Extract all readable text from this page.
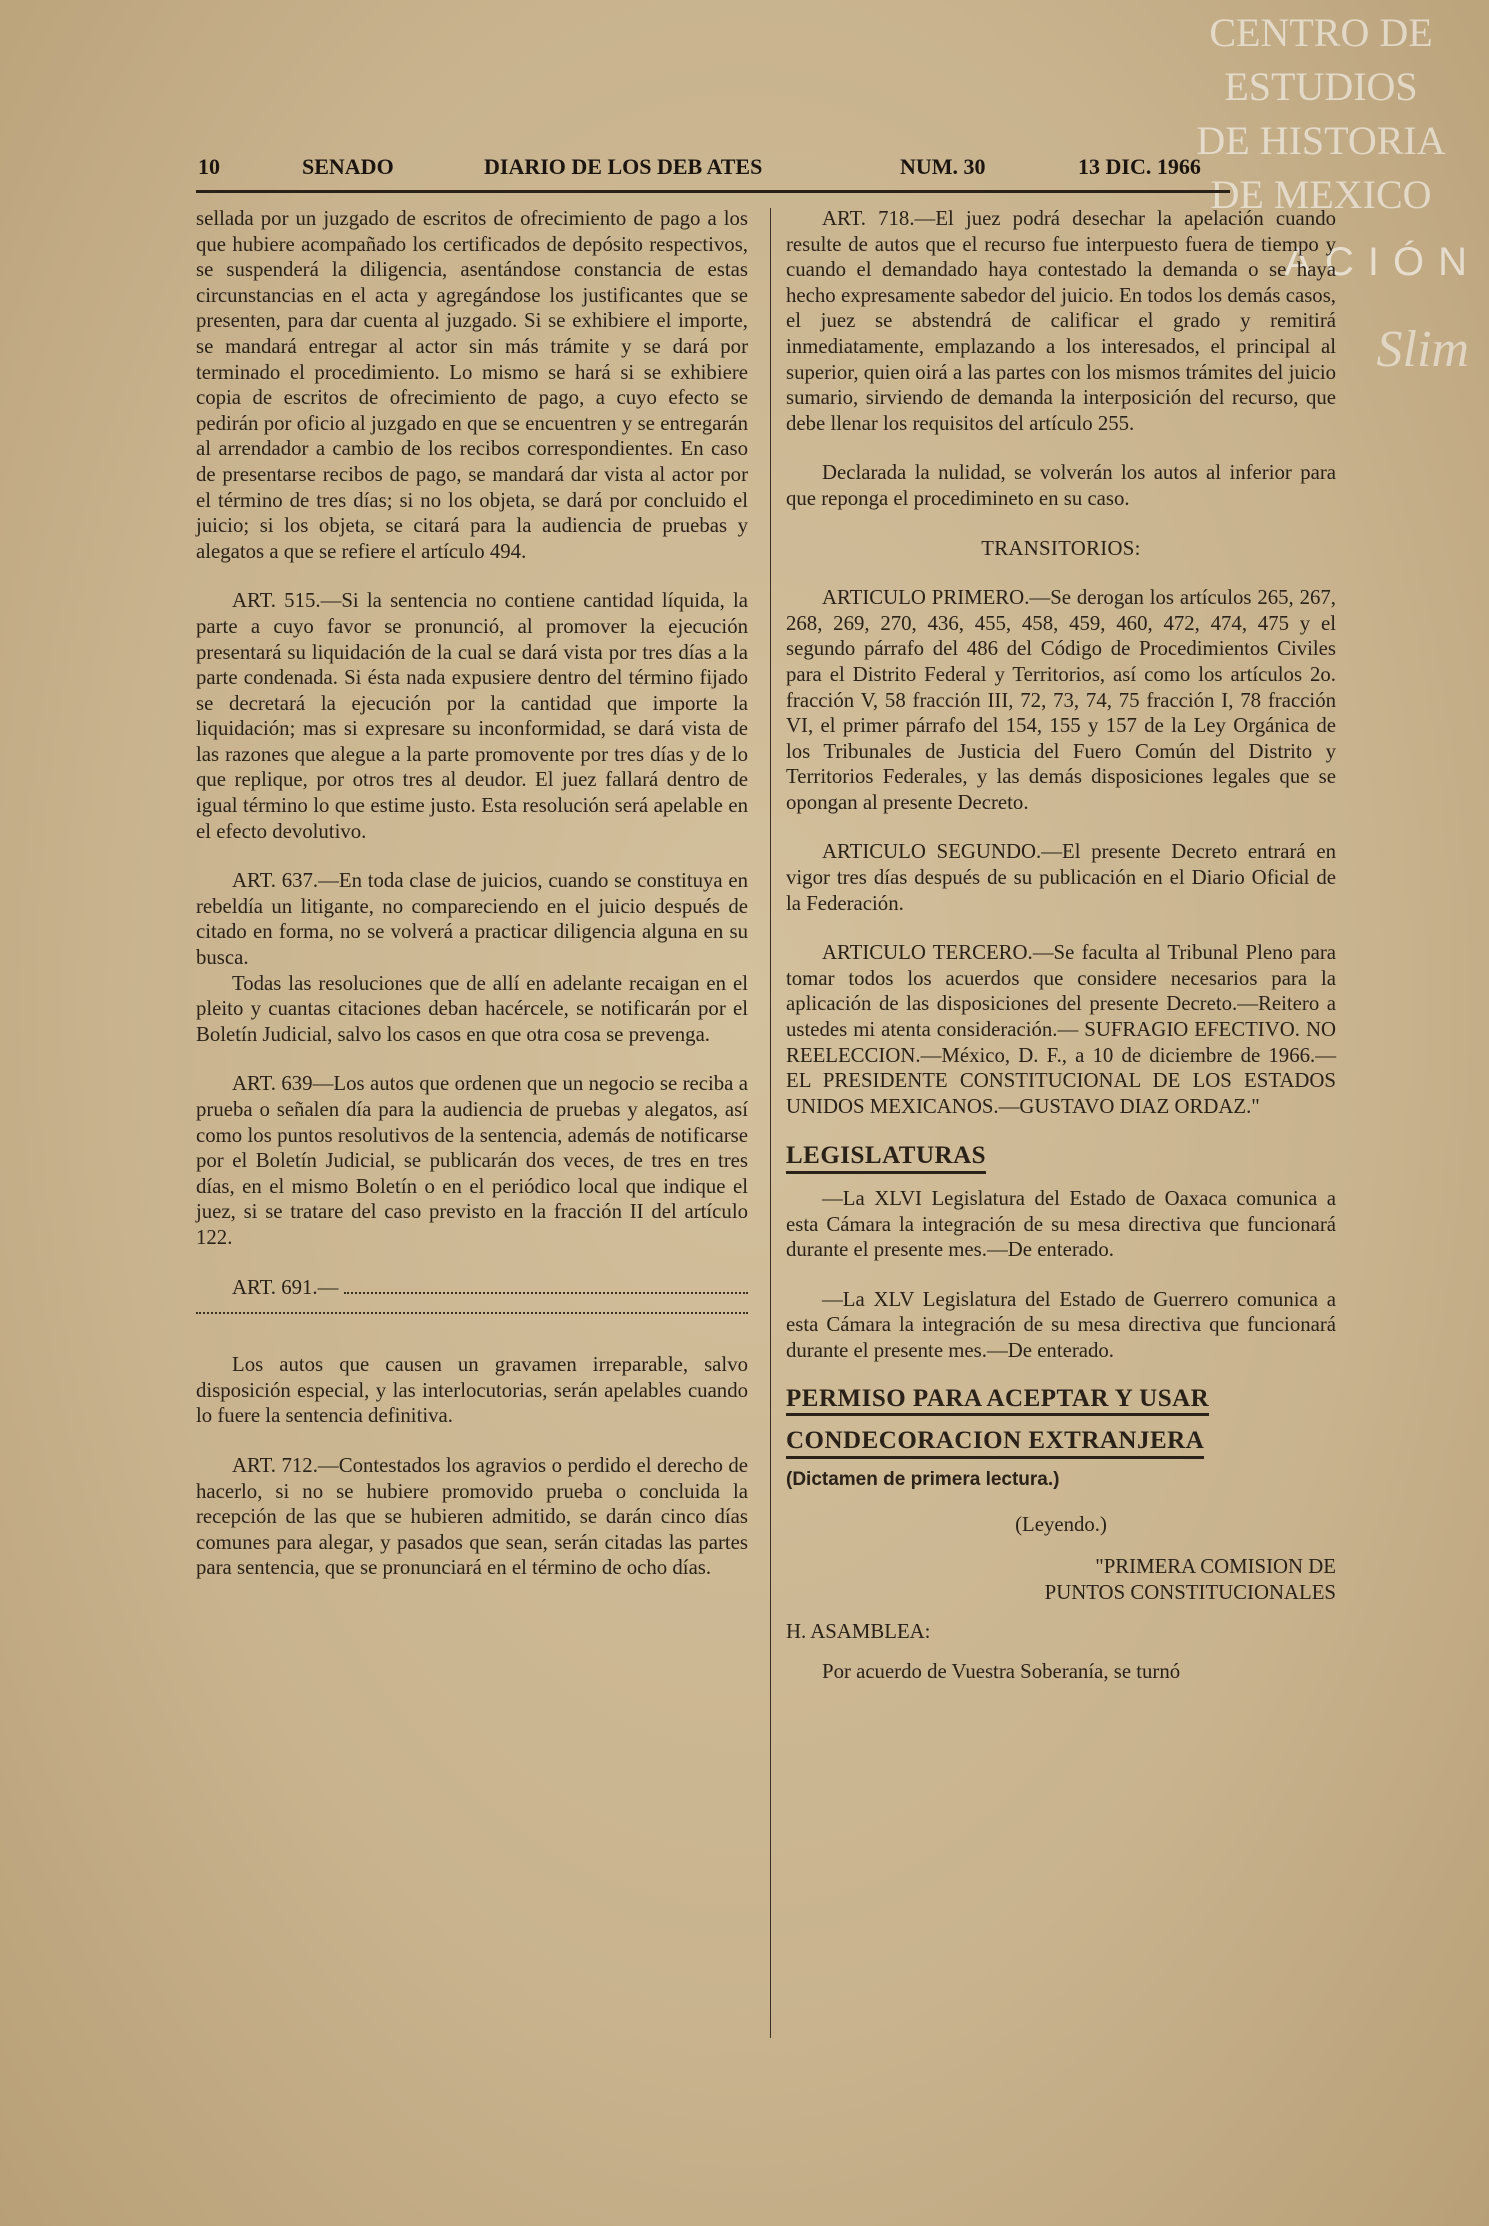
CENTRO DE
ESTUDIOS
DE HISTORIA
DE MEXICO
ACIÓN
Slim
10	SENADO	DIARIO DE LOS DEB ATES	NUM. 30	13 DIC. 1966

sellada por un juzgado de escritos de ofrecimiento de pago a los que hubiere acompañado los certificados de depósito respectivos, se suspenderá la diligencia, asentándose constancia de estas circunstancias en el acta y agregándose los justificantes que se presenten, para dar cuenta al juzgado. Si se exhibiere el importe, se mandará entregar al actor sin más trámite y se dará por terminado el procedimiento. Lo mismo se hará si se exhibiere copia de escritos de ofrecimiento de pago, a cuyo efecto se pedirán por oficio al juzgado en que se encuentren y se entregarán al arrendador a cambio de los recibos correspondientes. En caso de presentarse recibos de pago, se mandará dar vista al actor por el término de tres días; si no los objeta, se dará por concluido el juicio; si los objeta, se citará para la audiencia de pruebas y alegatos a que se refiere el artículo 494.

ART. 515.—Si la sentencia no contiene cantidad líquida, la parte a cuyo favor se pronunció, al promover la ejecución presentará su liquidación de la cual se dará vista por tres días a la parte condenada. Si ésta nada expusiere dentro del término fijado se decretará la ejecución por la cantidad que importe la liquidación; mas si expresare su inconformidad, se dará vista de las razones que alegue a la parte promovente por tres días y de lo que replique, por otros tres al deudor. El juez fallará dentro de igual término lo que estime justo. Esta resolución será apelable en el efecto devolutivo.

ART. 637.—En toda clase de juicios, cuando se constituya en rebeldía un litigante, no compareciendo en el juicio después de citado en forma, no se volverá a practicar diligencia alguna en su busca.

Todas las resoluciones que de allí en adelante recaigan en el pleito y cuantas citaciones deban hacércele, se notificarán por el Boletín Judicial, salvo los casos en que otra cosa se prevenga.

ART. 639—Los autos que ordenen que un negocio se reciba a prueba o señalen día para la audiencia de pruebas y alegatos, así como los puntos resolutivos de la sentencia, además de notificarse por el Boletín Judicial, se publicarán dos veces, de tres en tres días, en el mismo Boletín o en el periódico local que indique el juez, si se tratare del caso previsto en la fracción II del artículo 122.

ART. 691.—

Los autos que causen un gravamen irreparable, salvo disposición especial, y las interlocutorias, serán apelables cuando lo fuere la sentencia definitiva.

ART. 712.—Contestados los agravios o perdido el derecho de hacerlo, si no se hubiere promovido prueba o concluida la recepción de las que se hubieren admitido, se darán cinco días comunes para alegar, y pasados que sean, serán citadas las partes para sentencia, que se pronunciará en el término de ocho días.

ART. 718.—El juez podrá desechar la apelación cuando resulte de autos que el recurso fue interpuesto fuera de tiempo y cuando el demandado haya contestado la demanda o se haya hecho expresamente sabedor del juicio. En todos los demás casos, el juez se abstendrá de calificar el grado y remitirá inmediatamente, emplazando a los interesados, el principal al superior, quien oirá a las partes con los mismos trámites del juicio sumario, sirviendo de demanda la interposición del recurso, que debe llenar los requisitos del artículo 255.

Declarada la nulidad, se volverán los autos al inferior para que reponga el procedimineto en su caso.

TRANSITORIOS:

ARTICULO PRIMERO.—Se derogan los artículos 265, 267, 268, 269, 270, 436, 455, 458, 459, 460, 472, 474, 475 y el segundo párrafo del 486 del Código de Procedimientos Civiles para el Distrito Federal y Territorios, así como los artículos 2o. fracción V, 58 fracción III, 72, 73, 74, 75 fracción I, 78 fracción VI, el primer párrafo del 154, 155 y 157 de la Ley Orgánica de los Tribunales de Justicia del Fuero Común del Distrito y Territorios Federales, y las demás disposiciones legales que se opongan al presente Decreto.

ARTICULO SEGUNDO.—El presente Decreto entrará en vigor tres días después de su publicación en el Diario Oficial de la Federación.

ARTICULO TERCERO.—Se faculta al Tribunal Pleno para tomar todos los acuerdos que considere necesarios para la aplicación de las disposiciones del presente Decreto.—Reitero a ustedes mi atenta consideración.— SUFRAGIO EFECTIVO. NO REELECCION.—México, D. F., a 10 de diciembre de 1966.—EL PRESIDENTE CONSTITUCIONAL DE LOS ESTADOS UNIDOS MEXICANOS.—GUSTAVO DIAZ ORDAZ."

LEGISLATURAS

—La XLVI Legislatura del Estado de Oaxaca comunica a esta Cámara la integración de su mesa directiva que funcionará durante el presente mes.—De enterado.

—La XLV Legislatura del Estado de Guerrero comunica a esta Cámara la integración de su mesa directiva que funcionará durante el presente mes.—De enterado.

PERMISO PARA ACEPTAR Y USAR CONDECORACION EXTRANJERA
(Dictamen de primera lectura.)

(Leyendo.)

"PRIMERA COMISION DE

PUNTOS CONSTITUCIONALES

H. ASAMBLEA:

Por acuerdo de Vuestra Soberanía, se turnó
